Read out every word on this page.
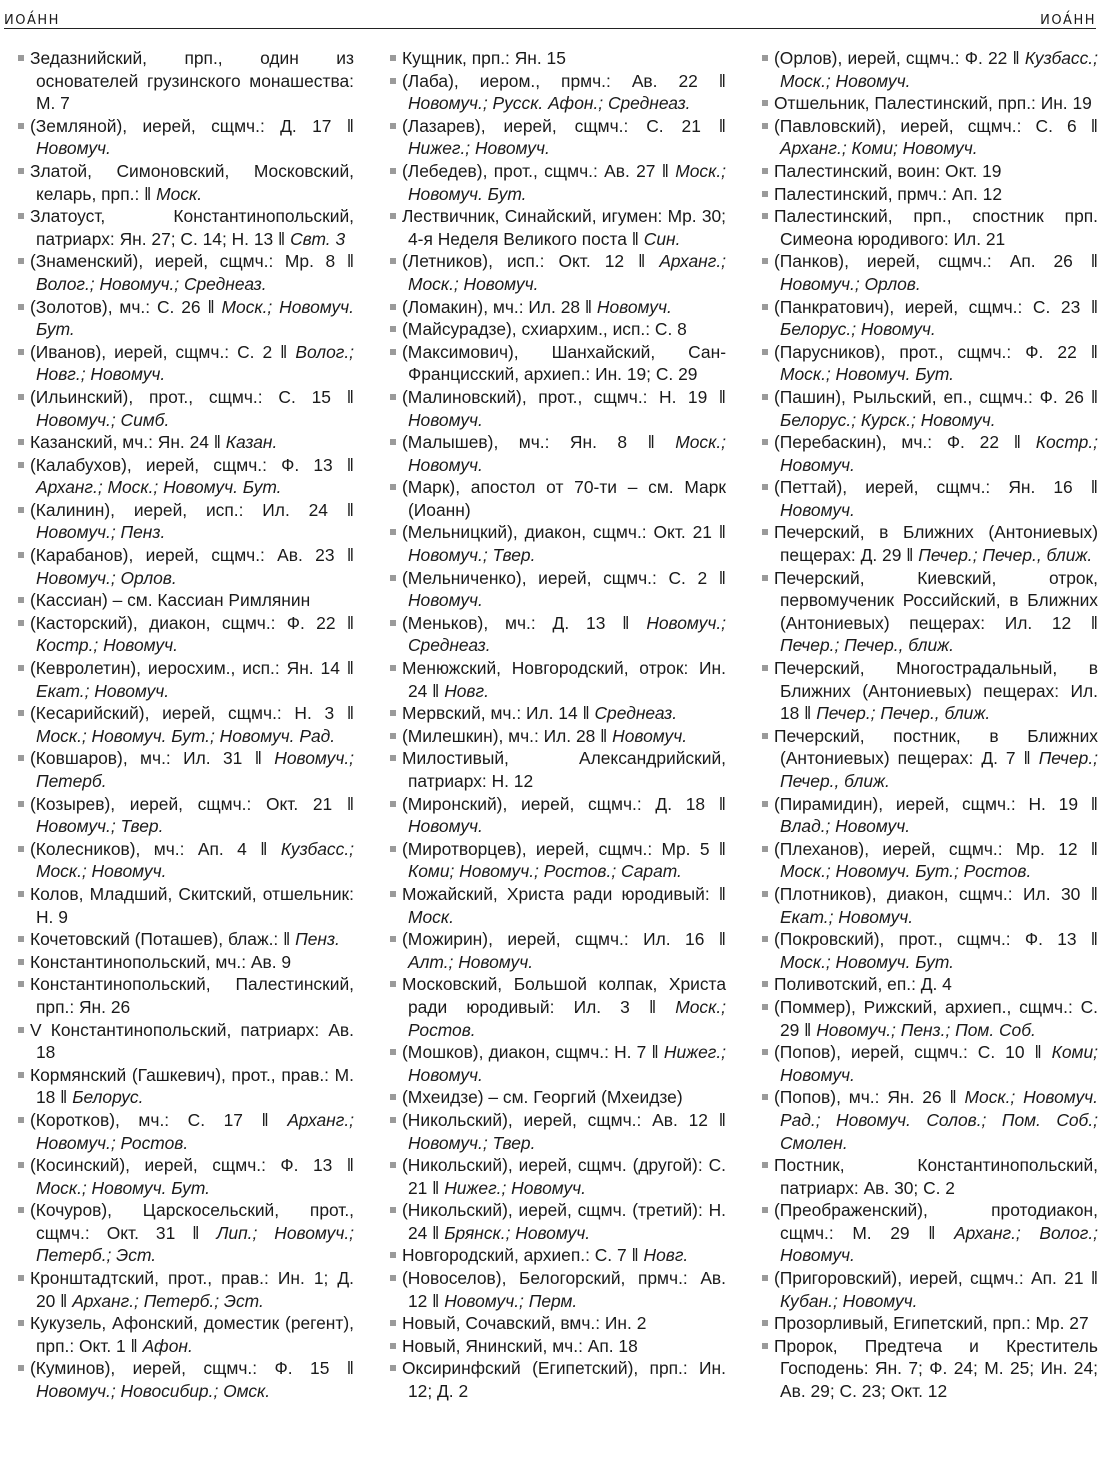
ИОА́НН	ИОА́НН
Зедазнийский, прп., один из основателей грузинского монашества: М. 7
(Земляной), иерей, сщмч.: Д. 17 ‖ Новомуч.
Златой, Симоновский, Московский, келарь, прп.: ‖ Моск.
Златоуст, Константинопольский, патриарх: Ян. 27; С. 14; Н. 13 ‖ Свт. 3
(Знаменский), иерей, сщмч.: Мр. 8 ‖ Волог.; Новомуч.; Среднеаз.
(Золотов), мч.: С. 26 ‖ Моск.; Новомуч. Бут.
(Иванов), иерей, сщмч.: С. 2 ‖ Волог.; Новг.; Новомуч.
(Ильинский), прот., сщмч.: С. 15 ‖ Новомуч.; Симб.
Казанский, мч.: Ян. 24 ‖ Казан.
(Калабухов), иерей, сщмч.: Ф. 13 ‖ Арханг.; Моск.; Новомуч. Бут.
(Калинин), иерей, исп.: Ил. 24 ‖ Новомуч.; Пенз.
(Карабанов), иерей, сщмч.: Ав. 23 ‖ Новомуч.; Орлов.
(Кассиан) – см. Кассиан Римлянин
(Касторский), диакон, сщмч.: Ф. 22 ‖ Костр.; Новомуч.
(Кевролетин), иеросхим., исп.: Ян. 14 ‖ Екат.; Новомуч.
(Кесарийский), иерей, сщмч.: Н. 3 ‖ Моск.; Новомуч. Бут.; Новомуч. Рад.
(Ковшаров), мч.: Ил. 31 ‖ Новомуч.; Петерб.
(Козырев), иерей, сщмч.: Окт. 21 ‖ Новомуч.; Твер.
(Колесников), мч.: Ап. 4 ‖ Кузбасс.; Моск.; Новомуч.
Колов, Младший, Скитский, отшельник: Н. 9
Кочетовский (Поташев), блаж.: ‖ Пенз.
Константинопольский, мч.: Ав. 9
Константинопольский, Палестинский, прп.: Ян. 26
V Константинопольский, патриарх: Ав. 18
Кормянский (Гашкевич), прот., прав.: М. 18 ‖ Белорус.
(Коротков), мч.: С. 17 ‖ Арханг.; Новомуч.; Ростов.
(Косинский), иерей, сщмч.: Ф. 13 ‖ Моск.; Новомуч. Бут.
(Кочуров), Царскосельский, прот., сщмч.: Окт. 31 ‖ Лип.; Новомуч.; Петерб.; Эст.
Кронштадтский, прот., прав.: Ин. 1; Д. 20 ‖ Арханг.; Петерб.; Эст.
Кукузель, Афонский, доместик (регент), прп.: Окт. 1 ‖ Афон.
(Куминов), иерей, сщмч.: Ф. 15 ‖ Новомуч.; Новосибир.; Омск.
Кущник, прп.: Ян. 15
(Лаба), иером., прмч.: Ав. 22 ‖ Новомуч.; Русск. Афон.; Среднеаз.
(Лазарев), иерей, сщмч.: С. 21 ‖ Нижег.; Новомуч.
(Лебедев), прот., сщмч.: Ав. 27 ‖ Моск.; Новомуч. Бут.
Лествичник, Синайский, игумен: Мр. 30; 4-я Неделя Великого поста ‖ Син.
(Летников), исп.: Окт. 12 ‖ Арханг.; Моск.; Новомуч.
(Ломакин), мч.: Ил. 28 ‖ Новомуч.
(Майсурадзе), схиархим., исп.: С. 8
(Максимович), Шанхайский, Сан-Францисский, архиеп.: Ин. 19; С. 29
(Малиновский), прот., сщмч.: Н. 19 ‖ Новомуч.
(Малышев), мч.: Ян. 8 ‖ Моск.; Новомуч.
(Марк), апостол от 70-ти – см. Марк (Иоанн)
(Мельницкий), диакон, сщмч.: Окт. 21 ‖ Новомуч.; Твер.
(Мельниченко), иерей, сщмч.: С. 2 ‖ Новомуч.
(Меньков), мч.: Д. 13 ‖ Новомуч.; Среднеаз.
Менюжский, Новгородский, отрок: Ин. 24 ‖ Новг.
Мервский, мч.: Ил. 14 ‖ Среднеаз.
(Милешкин), мч.: Ил. 28 ‖ Новомуч.
Милостивый, Александрийский, патриарх: Н. 12
(Миронский), иерей, сщмч.: Д. 18 ‖ Новомуч.
(Миротворцев), иерей, сщмч.: Мр. 5 ‖ Коми; Новомуч.; Ростов.; Сарат.
Можайский, Христа ради юродивый: ‖ Моск.
(Можирин), иерей, сщмч.: Ил. 16 ‖ Алт.; Новомуч.
Московский, Большой колпак, Христа ради юродивый: Ил. 3 ‖ Моск.; Ростов.
(Мошков), диакон, сщмч.: Н. 7 ‖ Нижег.; Новомуч.
(Мхеидзе) – см. Георгий (Мхеидзе)
(Никольский), иерей, сщмч.: Ав. 12 ‖ Новомуч.; Твер.
(Никольский), иерей, сщмч. (другой): С. 21 ‖ Нижег.; Новомуч.
(Никольский), иерей, сщмч. (третий): Н. 24 ‖ Брянск.; Новомуч.
Новгородский, архиеп.: С. 7 ‖ Новг.
(Новоселов), Белогорский, прмч.: Ав. 12 ‖ Новомуч.; Перм.
Новый, Сочавский, вмч.: Ин. 2
Новый, Янинский, мч.: Ап. 18
Оксиринфский (Египетский), прп.: Ин. 12; Д. 2
(Орлов), иерей, сщмч.: Ф. 22 ‖ Кузбасс.; Моск.; Новомуч.
Отшельник, Палестинский, прп.: Ин. 19
(Павловский), иерей, сщмч.: С. 6 ‖ Арханг.; Коми; Новомуч.
Палестинский, воин: Окт. 19
Палестинский, прмч.: Ап. 12
Палестинский, прп., спостник прп. Симеона юродивого: Ил. 21
(Панков), иерей, сщмч.: Ап. 26 ‖ Новомуч.; Орлов.
(Панкратович), иерей, сщмч.: С. 23 ‖ Белорус.; Новомуч.
(Парусников), прот., сщмч.: Ф. 22 ‖ Моск.; Новомуч. Бут.
(Пашин), Рыльский, еп., сщмч.: Ф. 26 ‖ Белорус.; Курск.; Новомуч.
(Перебаскин), мч.: Ф. 22 ‖ Костр.; Новомуч.
(Петтай), иерей, сщмч.: Ян. 16 ‖ Новомуч.
Печерский, в Ближних (Антониевых) пещерах: Д. 29 ‖ Печер.; Печер., ближ.
Печерский, Киевский, отрок, первомученик Российский, в Ближних (Антониевых) пещерах: Ил. 12 ‖ Печер.; Печер., ближ.
Печерский, Многострадальный, в Ближних (Антониевых) пещерах: Ил. 18 ‖ Печер.; Печер., ближ.
Печерский, постник, в Ближних (Антониевых) пещерах: Д. 7 ‖ Печер.; Печер., ближ.
(Пирамидин), иерей, сщмч.: Н. 19 ‖ Влад.; Новомуч.
(Плеханов), иерей, сщмч.: Мр. 12 ‖ Моск.; Новомуч. Бут.; Ростов.
(Плотников), диакон, сщмч.: Ил. 30 ‖ Екат.; Новомуч.
(Покровский), прот., сщмч.: Ф. 13 ‖ Моск.; Новомуч. Бут.
Поливотский, еп.: Д. 4
(Поммер), Рижский, архиеп., сщмч.: С. 29 ‖ Новомуч.; Пенз.; Пом. Соб.
(Попов), иерей, сщмч.: С. 10 ‖ Коми; Новомуч.
(Попов), мч.: Ян. 26 ‖ Моск.; Новомуч. Рад.; Новомуч. Солов.; Пом. Соб.; Смолен.
Постник, Константинопольский, патриарх: Ав. 30; С. 2
(Преображенский), протодиакон, сщмч.: М. 29 ‖ Арханг.; Волог.; Новомуч.
(Пригоровский), иерей, сщмч.: Ап. 21 ‖ Кубан.; Новомуч.
Прозорливый, Египетский, прп.: Мр. 27
Пророк, Предтеча и Креститель Господень: Ян. 7; Ф. 24; М. 25; Ин. 24; Ав. 29; С. 23; Окт. 12
